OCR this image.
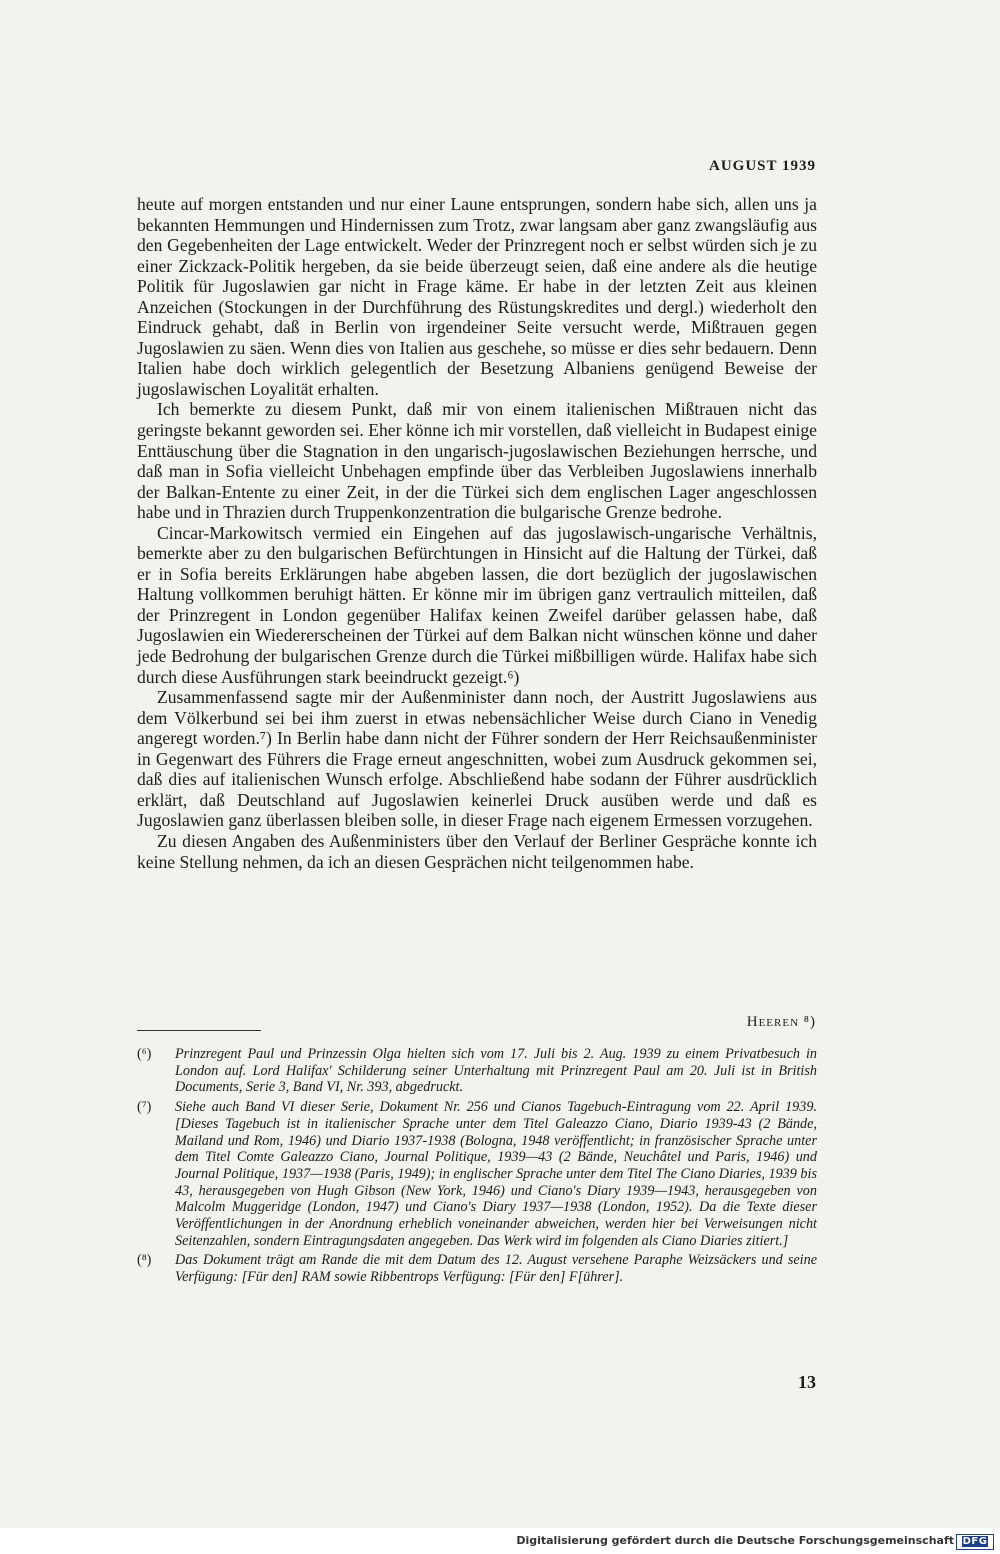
AUGUST 1939

heute auf morgen entstanden und nur einer Laune entsprungen, sondern habe sich, allen uns ja bekannten Hemmungen und Hindernissen zum Trotz, zwar langsam aber ganz zwangsläufig aus den Gegebenheiten der Lage entwickelt. Weder der Prinzregent noch er selbst würden sich je zu einer Zickzack-Politik hergeben, da sie beide überzeugt seien, daß eine andere als die heutige Politik für Jugoslawien gar nicht in Frage käme. Er habe in der letzten Zeit aus kleinen Anzeichen (Stockungen in der Durchführung des Rüstungskredites und dergl.) wiederholt den Eindruck gehabt, daß in Berlin von irgendeiner Seite versucht werde, Mißtrauen gegen Jugoslawien zu säen. Wenn dies von Italien aus geschehe, so müsse er dies sehr bedauern. Denn Italien habe doch wirklich gelegentlich der Besetzung Albaniens genügend Beweise der jugoslawischen Loyalität erhalten.

Ich bemerkte zu diesem Punkt, daß mir von einem italienischen Mißtrauen nicht das geringste bekannt geworden sei. Eher könne ich mir vorstellen, daß vielleicht in Budapest einige Enttäuschung über die Stagnation in den ungarisch-jugoslawischen Beziehungen herrsche, und daß man in Sofia vielleicht Unbehagen empfinde über das Verbleiben Jugoslawiens innerhalb der Balkan-Entente zu einer Zeit, in der die Türkei sich dem englischen Lager angeschlossen habe und in Thrazien durch Truppenkonzentration die bulgarische Grenze bedrohe.

Cincar-Markowitsch vermied ein Eingehen auf das jugoslawisch-ungarische Verhältnis, bemerkte aber zu den bulgarischen Befürchtungen in Hinsicht auf die Haltung der Türkei, daß er in Sofia bereits Erklärungen habe abgeben lassen, die dort bezüglich der jugoslawischen Haltung vollkommen beruhigt hätten. Er könne mir im übrigen ganz vertraulich mitteilen, daß der Prinzregent in London gegenüber Halifax keinen Zweifel darüber gelassen habe, daß Jugoslawien ein Wiedererscheinen der Türkei auf dem Balkan nicht wünschen könne und daher jede Bedrohung der bulgarischen Grenze durch die Türkei mißbilligen würde. Halifax habe sich durch diese Ausführungen stark beeindruckt gezeigt.⁶)

Zusammenfassend sagte mir der Außenminister dann noch, der Austritt Jugoslawiens aus dem Völkerbund sei bei ihm zuerst in etwas nebensächlicher Weise durch Ciano in Venedig angeregt worden.⁷) In Berlin habe dann nicht der Führer sondern der Herr Reichsaußenminister in Gegenwart des Führers die Frage erneut angeschnitten, wobei zum Ausdruck gekommen sei, daß dies auf italienischen Wunsch erfolge. Abschließend habe sodann der Führer ausdrücklich erklärt, daß Deutschland auf Jugoslawien keinerlei Druck ausüben werde und daß es Jugoslawien ganz überlassen bleiben solle, in dieser Frage nach eigenem Ermessen vorzugehen.

Zu diesen Angaben des Außenministers über den Verlauf der Berliner Gespräche konnte ich keine Stellung nehmen, da ich an diesen Gesprächen nicht teilgenommen habe.

Heeren ⁸)
(⁶) Prinzregent Paul und Prinzessin Olga hielten sich vom 17. Juli bis 2. Aug. 1939 zu einem Privatbesuch in London auf. Lord Halifax' Schilderung seiner Unterhaltung mit Prinzregent Paul am 20. Juli ist in British Documents, Serie 3, Band VI, Nr. 393, abgedruckt.
(⁷) Siehe auch Band VI dieser Serie, Dokument Nr. 256 und Cianos Tagebuch-Eintragung vom 22. April 1939. [Dieses Tagebuch ist in italienischer Sprache unter dem Titel Galeazzo Ciano, Diario 1939-43 (2 Bände, Mailand und Rom, 1946) und Diario 1937-1938 (Bologna, 1948 veröffentlicht; in französischer Sprache unter dem Titel Comte Galeazzo Ciano, Journal Politique, 1939—43 (2 Bände, Neuchâtel und Paris, 1946) und Journal Politique, 1937—1938 (Paris, 1949); in englischer Sprache unter dem Titel The Ciano Diaries, 1939 bis 43, herausgegeben von Hugh Gibson (New York, 1946) und Ciano's Diary 1939—1943, herausgegeben von Malcolm Muggeridge (London, 1947) und Ciano's Diary 1937—1938 (London, 1952). Da die Texte dieser Veröffentlichungen in der Anordnung erheblich voneinander abweichen, werden hier bei Verweisungen nicht Seitenzahlen, sondern Eintragungsdaten angegeben. Das Werk wird im folgenden als Ciano Diaries zitiert.]
(⁸) Das Dokument trägt am Rande die mit dem Datum des 12. August versehene Paraphe Weizsäckers und seine Verfügung: [Für den] RAM sowie Ribbentrops Verfügung: [Für den] F[ührer].
13
Digitalisierung gefördert durch die Deutsche Forschungsgemeinschaft DFG
